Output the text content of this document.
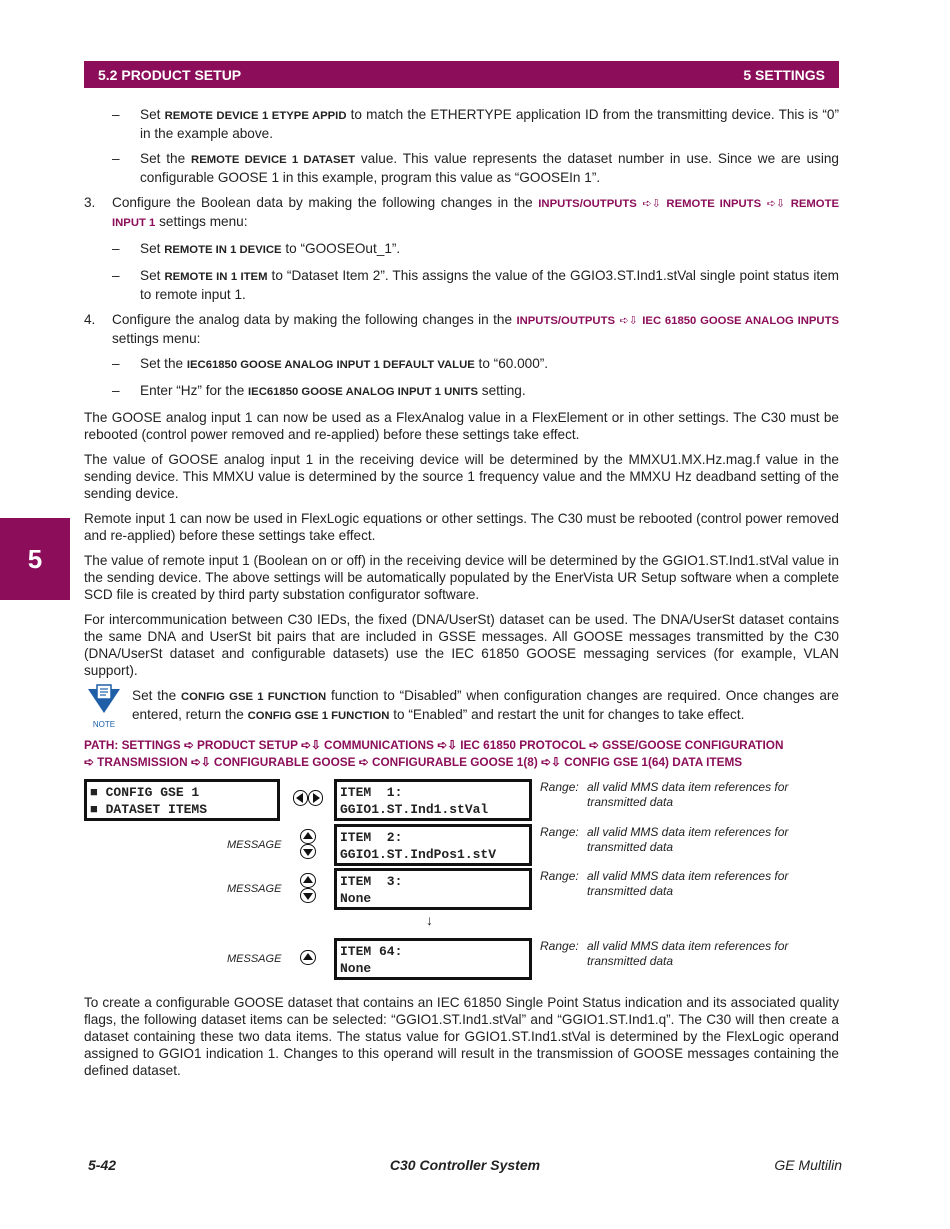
5.2 PRODUCT SETUP	5 SETTINGS
5
– Set REMOTE DEVICE 1 ETYPE APPID to match the ETHERTYPE application ID from the transmitting device. This is “0” in the example above.
– Set the REMOTE DEVICE 1 DATASET value. This value represents the dataset number in use. Since we are using configurable GOOSE 1 in this example, program this value as “GOOSEIn 1”.
3. Configure the Boolean data by making the following changes in the INPUTS/OUTPUTS ➪⇩ REMOTE INPUTS ➪⇩ REMOTE INPUT 1 settings menu:
– Set REMOTE IN 1 DEVICE to “GOOSEOut_1”.
– Set REMOTE IN 1 ITEM to “Dataset Item 2”. This assigns the value of the GGIO3.ST.Ind1.stVal single point status item to remote input 1.
4. Configure the analog data by making the following changes in the INPUTS/OUTPUTS ➪⇩ IEC 61850 GOOSE ANALOG INPUTS settings menu:
– Set the IEC61850 GOOSE ANALOG INPUT 1 DEFAULT VALUE to “60.000”.
– Enter “Hz” for the IEC61850 GOOSE ANALOG INPUT 1 UNITS setting.

The GOOSE analog input 1 can now be used as a FlexAnalog value in a FlexElement or in other settings. The C30 must be rebooted (control power removed and re-applied) before these settings take effect.

The value of GOOSE analog input 1 in the receiving device will be determined by the MMXU1.MX.Hz.mag.f value in the sending device. This MMXU value is determined by the source 1 frequency value and the MMXU Hz deadband setting of the sending device.

Remote input 1 can now be used in FlexLogic equations or other settings. The C30 must be rebooted (control power removed and re-applied) before these settings take effect.

The value of remote input 1 (Boolean on or off) in the receiving device will be determined by the GGIO1.ST.Ind1.stVal value in the sending device. The above settings will be automatically populated by the EnerVista UR Setup software when a complete SCD file is created by third party substation configurator software.

For intercommunication between C30 IEDs, the fixed (DNA/UserSt) dataset can be used. The DNA/UserSt dataset contains the same DNA and UserSt bit pairs that are included in GSSE messages. All GOOSE messages transmitted by the C30 (DNA/UserSt dataset and configurable datasets) use the IEC 61850 GOOSE messaging services (for example, VLAN support).

NOTE

Set the CONFIG GSE 1 FUNCTION function to “Disabled” when configuration changes are required. Once changes are entered, return the CONFIG GSE 1 FUNCTION to “Enabled” and restart the unit for changes to take effect.

PATH: SETTINGS ➪ PRODUCT SETUP ➪⇩ COMMUNICATIONS ➪⇩ IEC 61850 PROTOCOL ➪ GSSE/GOOSE CONFIGURATION
➪ TRANSMISSION ➪⇩ CONFIGURABLE GOOSE ➪ CONFIGURABLE GOOSE 1(8) ➪⇩ CONFIG GSE 1(64) DATA ITEMS
■ CONFIG GSE 1
■ DATASET ITEMS
ITEM  1:
GGIO1.ST.Ind1.stVal
Range: all valid MMS data item references for transmitted data
MESSAGE	ITEM  2:
GGIO1.ST.IndPos1.stV
Range: all valid MMS data item references for transmitted data
MESSAGE	ITEM  3:
None
Range: all valid MMS data item references for transmitted data
↓
MESSAGE	ITEM 64:
None
Range: all valid MMS data item references for transmitted data

To create a configurable GOOSE dataset that contains an IEC 61850 Single Point Status indication and its associated quality flags, the following dataset items can be selected: “GGIO1.ST.Ind1.stVal” and “GGIO1.ST.Ind1.q”. The C30 will then create a dataset containing these two data items. The status value for GGIO1.ST.Ind1.stVal is determined by the FlexLogic operand assigned to GGIO1 indication 1. Changes to this operand will result in the transmission of GOOSE messages containing the defined dataset.

5-42	C30 Controller System	GE Multilin
